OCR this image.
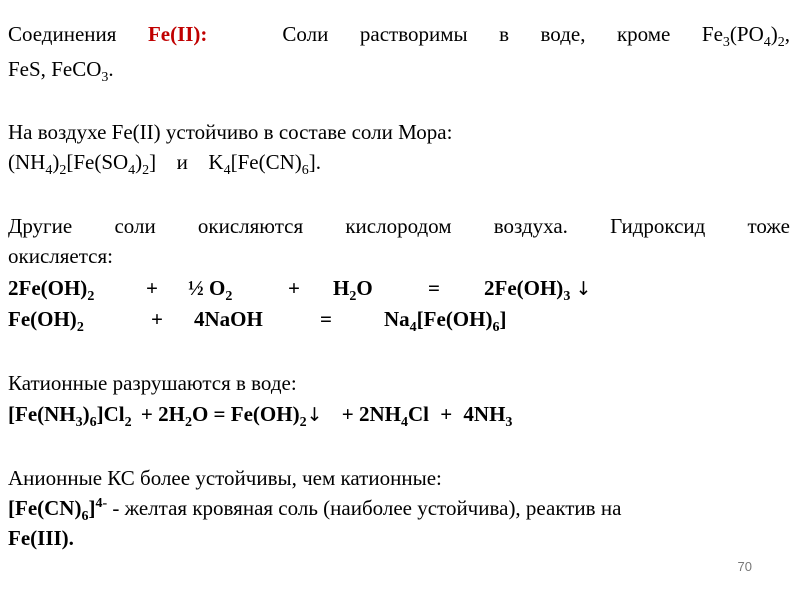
Соединения Fe(II):	Соли растворимы в воде, кроме $Fe_3(PO_4)_2$,
FeS, FeCO$_3$.
На воздухе Fe(II) устойчиво в составе соли Мора:
$(NH_4)_2[Fe(SO_4)_2]$ и $K_4[Fe(CN)_6]$.
Другие соли окисляются кислородом воздуха. Гидроксид тоже
окисляется:
$2Fe(OH)_2$ + ½ $O_2$	+ $H_2O$	= $2Fe(OH)_3$ ↓
$Fe(OH)_2$	+ 4NaOH	= $Na_4[Fe(OH)_6]$
Катионные разрушаются в воде:
$[Fe(NH_3)_6]Cl_2 + 2H_2O$ = $Fe(OH)_2↓ + 2NH_4Cl + 4NH_3$
Анионные КС более устойчивы, чем катионные:
$[Fe(CN)_6]^{4-}$ - желтая кровяная соль (наиболее устойчива), реактив на
Fe(III).
70
